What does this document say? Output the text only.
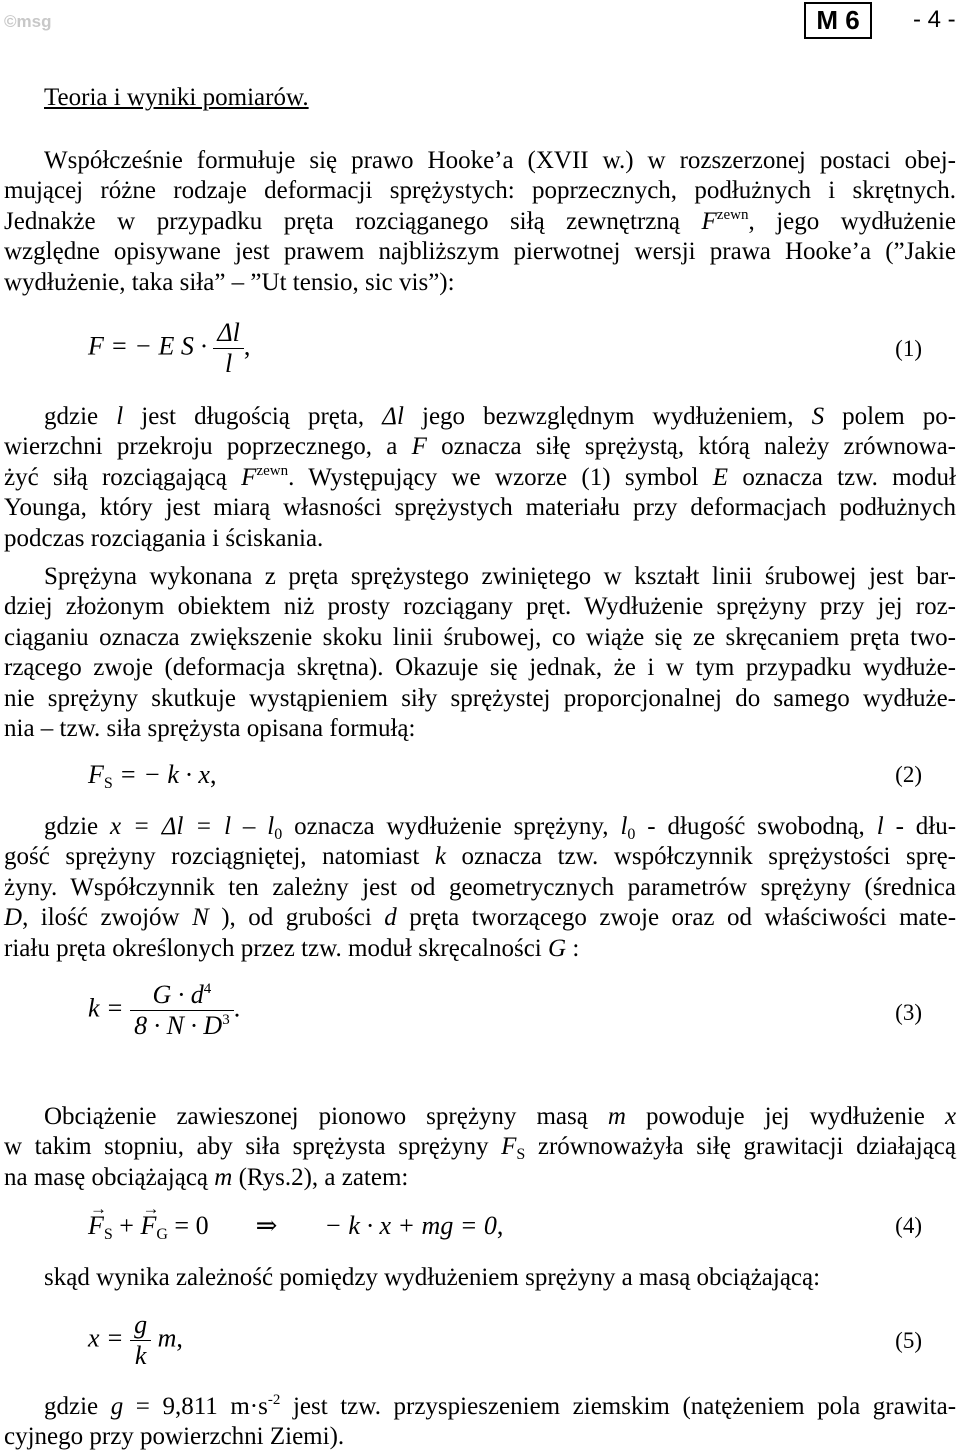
©msg	M 6	- 4 -
Teoria i wyniki pomiarów.
Współcześnie formułuje się prawo Hooke’a (XVII w.) w rozszerzonej postaci obej-
mującej różne rodzaje deformacji sprężystych: poprzecznych, podłużnych i skrętnych.
Jednakże w przypadku pręta rozciąganego siłą zewnętrzną $F^{zewn}$, jego wydłużenie
względne opisywane jest prawem najbliższym pierwotnej wersji prawa Hooke’a (”Jakie
wydłużenie, taka siła” – ”Ut tensio, sic vis”):
F = − E $S \cdot \frac{\Delta l}{l}$ ,	(1)
gdzie l jest długością pręta, Δl jego bezwzględnym wydłużeniem, S polem po-
wierzchni przekroju poprzecznego, a F oznacza siłę sprężystą, którą należy zrównowa-
żyć siłą rozciągającą $F^{zewn}$. Występujący we wzorze (1) symbol E oznacza tzw. moduł
Younga, który jest miarą własności sprężystych materiału przy deformacjach podłużnych
podczas rozciągania i ściskania.
Sprężyna wykonana z pręta sprężystego zwiniętego w kształt linii śrubowej jest bar-
dziej złożonym obiektem niż prosty rozciągany pręt. Wydłużenie sprężyny przy jej roz-
ciąganiu oznacza zwiększenie skoku linii śrubowej, co wiąże się ze skręcaniem pręta two-
rzącego zwoje (deformacja skrętna). Okazuje się jednak, że i w tym przypadku wydłuże-
nie sprężyny skutkuje wystąpieniem siły sprężystej proporcjonalnej do samego wydłuże-
nia – tzw. siła sprężysta opisana formułą:
$F_S$ = − k · x,	(2)
gdzie $x = \Delta l = l - l_0$ oznacza wydłużenie sprężyny, $l_0$ - długość swobodną, l - dłu-
gość sprężyny rozciągniętej, natomiast k oznacza tzw. współczynnik sprężystości sprę-
żyny. Współczynnik ten zależny jest od geometrycznych parametrów sprężyny (średnica
D, ilość zwojów N ), od grubości d pręta tworzącego zwoje oraz od właściwości mate-
riału pręta określonych przez tzw. moduł skręcalności G :
$k = \frac{G \cdot d^4}{8 \cdot N \cdot D^3}$ .	(3)
Obciążenie zawieszonej pionowo sprężyny masą m powoduje jej wydłużenie x
w takim stopniu, aby siła sprężysta sprężyny $F_S$ zrównoważyła siłę grawitacji działającą
na masę obciążającą m (Rys.2), a zatem:
→ $F_S$ + → $F_G = 0$ ⇒ − k · x + mg = 0,	(4)
skąd wynika zależność pomiędzy wydłużeniem sprężyny a masą obciążającą:
$x = \frac{g}{k} m$,	(5)
gdzie g = 9,811 $m\cdot s^{-2}$ jest tzw. przyspieszeniem ziemskim (natężeniem pola grawita-
cyjnego przy powierzchni Ziemi).
